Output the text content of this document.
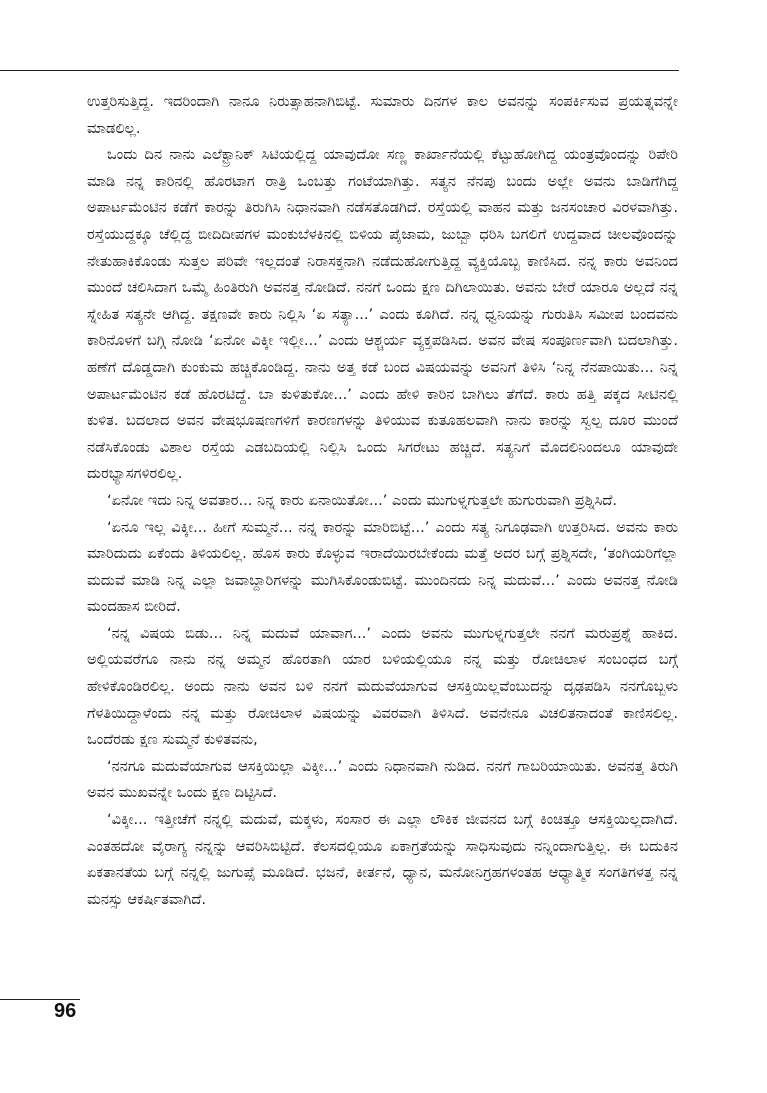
ಉತ್ತರಿಸುತ್ತಿದ್ದ. ಇದರಿಂದಾಗಿ ನಾನೂ ನಿರುತ್ಸಾಹನಾಗಿಬಿಟ್ಟೆ. ಸುಮಾರು ದಿನಗಳ ಕಾಲ ಅವನನ್ನು ಸಂಪರ್ಕಿಸುವ ಪ್ರಯತ್ನವನ್ನೇ ಮಾಡಲಿಲ್ಲ.

ಒಂದು ದಿನ ನಾನು ಎಲೆಕ್ಟ್ರಾನಿಕ್ ಸಿಟಿಯಲ್ಲಿದ್ದ ಯಾವುದೋ ಸಣ್ಣ ಕಾರ್ಖಾನೆಯಲ್ಲಿ ಕೆಟ್ಟುಹೋಗಿದ್ದ ಯಂತ್ರವೊಂದನ್ನು ರಿಪೇರಿ ಮಾಡಿ ನನ್ನ ಕಾರಿನಲ್ಲಿ ಹೊರಟಾಗ ರಾತ್ರಿ ಒಂಬತ್ತು ಗಂಟೆಯಾಗಿತ್ತು. ಸತ್ಯನ ನೆನಪು ಬಂದು ಅಲ್ಲೇ ಅವನು ಬಾಡಿಗೆಗಿದ್ದ ಅಪಾರ್ಟಮೆಂಟಿನ ಕಡೆಗೆ ಕಾರನ್ನು ತಿರುಗಿಸಿ ನಿಧಾನವಾಗಿ ನಡೆಸತೊಡಗಿದೆ. ರಸ್ತೆಯಲ್ಲಿ ವಾಹನ ಮತ್ತು ಜನಸಂಚಾರ ವಿರಳವಾಗಿತ್ತು. ರಸ್ತೆಯುದ್ದಕ್ಕೂ ಚೆಲ್ಲಿದ್ದ ಬೀದಿದೀಪಗಳ ಮಂಕುಬೆಳಕಿನಲ್ಲಿ ಬಿಳಿಯ ಪೈಜಾಮ, ಜುಬ್ಬಾ ಧರಿಸಿ ಬಗಲಿಗೆ ಉದ್ದವಾದ ಚೀಲವೊಂದನ್ನು ನೇತುಹಾಕಿಕೊಂಡು ಸುತ್ತಲ ಪರಿವೇ ಇಲ್ಲದಂತೆ ನಿರಾಸಕ್ತನಾಗಿ ನಡೆದುಹೋಗುತ್ತಿದ್ದ ವ್ಯಕ್ತಿಯೊಬ್ಬ ಕಾಣಿಸಿದ. ನನ್ನ ಕಾರು ಅವನಿಂದ ಮುಂದೆ ಚಲಿಸಿದಾಗ ಒಮ್ಮೆ ಹಿಂತಿರುಗಿ ಅವನತ್ತ ನೋಡಿದೆ. ನನಗೆ ಒಂದು ಕ್ಷಣ ದಿಗಿಲಾಯಿತು. ಅವನು ಬೇರೆ ಯಾರೂ ಅಲ್ಲದೆ ನನ್ನ ಸ್ನೇಹಿತ ಸತ್ಯನೇ ಆಗಿದ್ದ. ತಕ್ಷಣವೇ ಕಾರು ನಿಲ್ಲಿಸಿ ‘ಏ ಸತ್ಯಾ...’ ಎಂದು ಕೂಗಿದೆ. ನನ್ನ ಧ್ವನಿಯನ್ನು ಗುರುತಿಸಿ ಸಮೀಪ ಬಂದವನು ಕಾರಿನೊಳಗೆ ಬಗ್ಗಿ ನೋಡಿ ‘ಏನೋ ವಿಕ್ಕೀ ಇಲ್ಲೀ...’ ಎಂದು ಆಶ್ಚರ್ಯ ವ್ಯಕ್ತಪಡಿಸಿದ. ಅವನ ವೇಷ ಸಂಪೂರ್ಣವಾಗಿ ಬದಲಾಗಿತ್ತು. ಹಣೆಗೆ ದೊಡ್ಡದಾಗಿ ಕುಂಕುಮ ಹಚ್ಚಿಕೊಂಡಿದ್ದ. ನಾನು ಅತ್ತ ಕಡೆ ಬಂದ ವಿಷಯವನ್ನು ಅವನಿಗೆ ತಿಳಿಸಿ ‘ನಿನ್ನ ನೆನಪಾಯಿತು... ನಿನ್ನ ಅಪಾರ್ಟಮೆಂಟಿನ ಕಡೆ ಹೊರಟಿದ್ದೆ. ಬಾ ಕುಳಿತುಕೋ...’ ಎಂದು ಹೇಳಿ ಕಾರಿನ ಬಾಗಿಲು ತೆಗೆದೆ. ಕಾರು ಹತ್ತಿ ಪಕ್ಕದ ಸೀಟಿನಲ್ಲಿ ಕುಳಿತ. ಬದಲಾದ ಅವನ ವೇಷಭೂಷಣಗಳಿಗೆ ಕಾರಣಗಳನ್ನು ತಿಳಿಯುವ ಕುತೂಹಲವಾಗಿ ನಾನು ಕಾರನ್ನು ಸ್ವಲ್ಪ ದೂರ ಮುಂದೆ ನಡೆಸಿಕೊಂಡು ವಿಶಾಲ ರಸ್ತೆಯ ಎಡಬದಿಯಲ್ಲಿ ನಿಲ್ಲಿಸಿ ಒಂದು ಸಿಗರೇಟು ಹಚ್ಚಿದೆ. ಸತ್ಯನಿಗೆ ಮೊದಲಿನಿಂದಲೂ ಯಾವುದೇ ದುರಭ್ಯಾಸಗಳಿರಲಿಲ್ಲ.

‘ಏನೋ ಇದು ನಿನ್ನ ಅವತಾರ... ನಿನ್ನ ಕಾರು ಏನಾಯಿತೋ...’ ಎಂದು ಮುಗುಳ್ನಗುತ್ತಲೇ ಹುಗುರುವಾಗಿ ಪ್ರಶ್ನಿಸಿದೆ.

‘ಏನೂ ಇಲ್ಲ ವಿಕ್ಕೀ... ಹೀಗೆ ಸುಮ್ಮನೆ... ನನ್ನ ಕಾರನ್ನು ಮಾರಿಬಿಟ್ಟೆ...’ ಎಂದು ಸತ್ಯ ನಿಗೂಢವಾಗಿ ಉತ್ತರಿಸಿದ. ಅವನು ಕಾರು ಮಾರಿದುದು ಏಕೆಂದು ತಿಳಿಯಲಿಲ್ಲ. ಹೊಸ ಕಾರು ಕೊಳ್ಳುವ ಇರಾದೆಯಿರಬೇಕೆಂದು ಮತ್ತೆ ಅದರ ಬಗ್ಗೆ ಪ್ರಶ್ನಿಸದೇ, ‘ತಂಗಿಯರಿಗೆಲ್ಲಾ ಮದುವೆ ಮಾಡಿ ನಿನ್ನ ಎಲ್ಲಾ ಜವಾಬ್ದಾರಿಗಳನ್ನು ಮುಗಿಸಿಕೊಂಡುಬಿಟ್ಟೆ. ಮುಂದಿನದು ನಿನ್ನ ಮದುವೆ...’ ಎಂದು ಅವನತ್ತ ನೋಡಿ ಮಂದಹಾಸ ಬೀರಿದೆ.

‘ನನ್ನ ವಿಷಯ ಬಿಡು... ನಿನ್ನ ಮದುವೆ ಯಾವಾಗ...’ ಎಂದು ಅವನು ಮುಗುಳ್ನಗುತ್ತಲೇ ನನಗೆ ಮರುಪ್ರಶ್ನೆ ಹಾಕಿದ. ಅಲ್ಲಿಯವರೆಗೂ ನಾನು ನನ್ನ ಅಮ್ಮನ ಹೊರತಾಗಿ ಯಾರ ಬಳಿಯಲ್ಲಿಯೂ ನನ್ನ ಮತ್ತು ರೋಚಿಲಾಳ ಸಂಬಂಧದ ಬಗ್ಗೆ ಹೇಳಿಕೊಂಡಿರಲಿಲ್ಲ. ಅಂದು ನಾನು ಅವನ ಬಳಿ ನನಗೆ ಮದುವೆಯಾಗುವ ಆಸಕ್ತಿಯಿಲ್ಲವೆಂಬುದನ್ನು ದೃಢಪಡಿಸಿ ನನಗೊಬ್ಬಳು ಗೆಳತಿಯಿದ್ದಾಳೆಂದು ನನ್ನ ಮತ್ತು ರೋಚಿಲಾಳ ವಿಷಯನ್ನು ವಿವರವಾಗಿ ತಿಳಿಸಿದೆ. ಅವನೇನೂ ವಿಚಲಿತನಾದಂತೆ ಕಾಣಿಸಲಿಲ್ಲ. ಒಂದೆರಡು ಕ್ಷಣ ಸುಮ್ಮನೆ ಕುಳಿತವನು,

‘ನನಗೂ ಮದುವೆಯಾಗುವ ಆಸಕ್ತಿಯಿಲ್ಲಾ ವಿಕ್ಕೀ...’ ಎಂದು ನಿಧಾನವಾಗಿ ನುಡಿದ. ನನಗೆ ಗಾಬರಿಯಾಯಿತು. ಅವನತ್ತ ತಿರುಗಿ ಅವನ ಮುಖವನ್ನೇ ಒಂದು ಕ್ಷಣ ದಿಟ್ಟಿಸಿದೆ.

‘ವಿಕ್ಕೀ... ಇತ್ತೀಚೆಗೆ ನನ್ನಲ್ಲಿ ಮದುವೆ, ಮಕ್ಕಳು, ಸಂಸಾರ ಈ ಎಲ್ಲಾ ಲೌಕಿಕ ಜೀವನದ ಬಗ್ಗೆ ಕಿಂಚಿತ್ತೂ ಆಸಕ್ತಿಯಿಲ್ಲದಾಗಿದೆ. ಎಂತಹದೋ ವೈರಾಗ್ಯ ನನ್ನನ್ನು ಆವರಿಸಿಬಿಟ್ಟಿದೆ. ಕೆಲಸದಲ್ಲಿಯೂ ಏಕಾಗ್ರತೆಯನ್ನು ಸಾಧಿಸುವುದು ನನ್ನಿಂದಾಗುತ್ತಿಲ್ಲ. ಈ ಬದುಕಿನ ಏಕತಾನತೆಯ ಬಗ್ಗೆ ನನ್ನಲ್ಲಿ ಜುಗುಪ್ಸೆ ಮೂಡಿದೆ. ಭಜನೆ, ಕೀರ್ತನೆ, ಧ್ಯಾನ, ಮನೋನಿಗ್ರಹಗಳಂತಹ ಆಧ್ಯಾತ್ಮಿಕ ಸಂಗತಿಗಳತ್ತ ನನ್ನ ಮನಸ್ಸು ಆಕರ್ಷಿತವಾಗಿದೆ.

96
